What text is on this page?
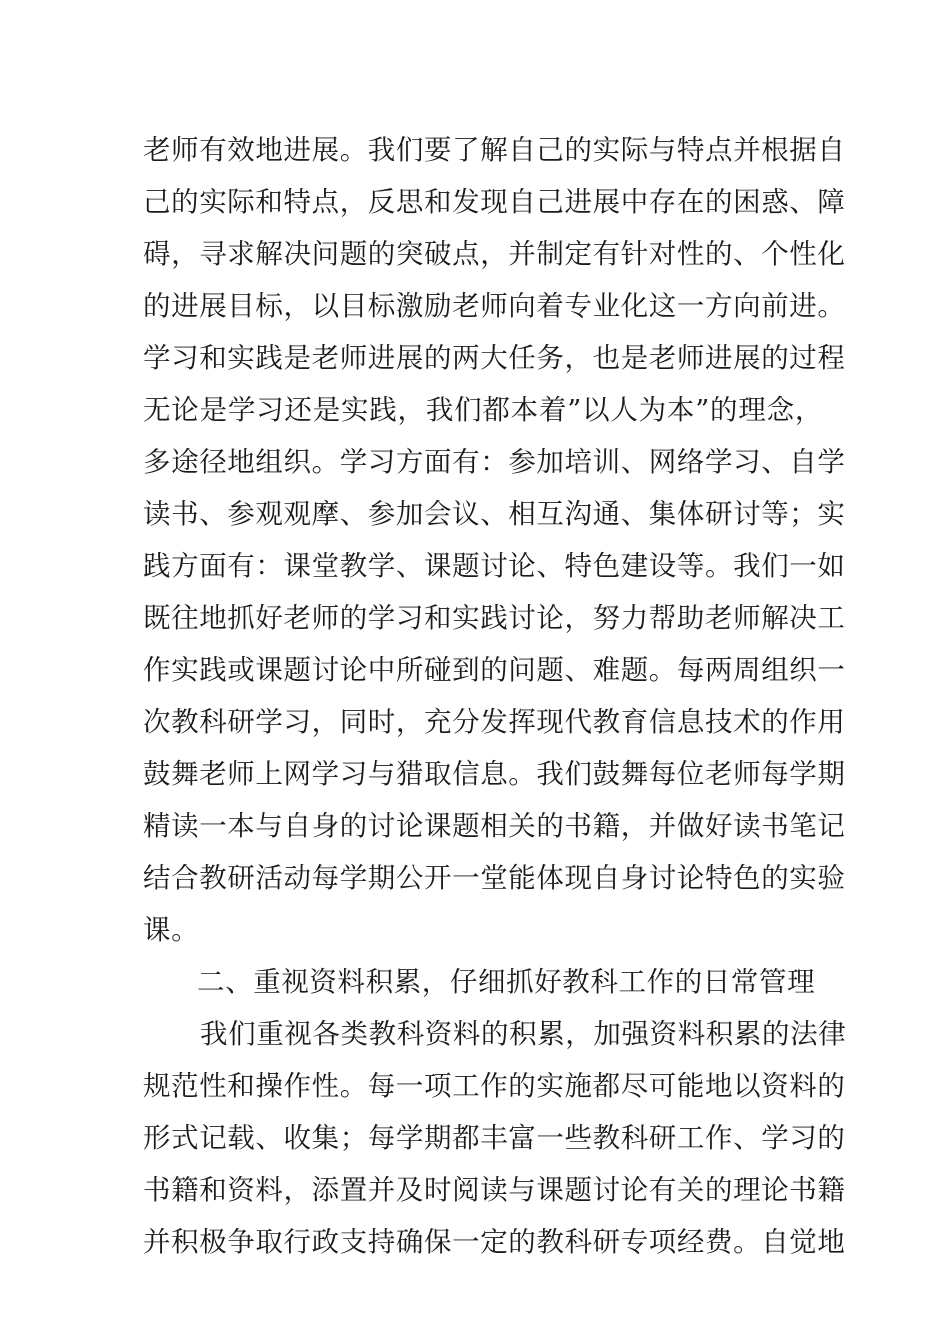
老师有效地进展。我们要了解自己的实际与特点并根据自
己的实际和特点，反思和发现自己进展中存在的困惑、障
碍，寻求解决问题的突破点，并制定有针对性的、个性化
的进展目标，以目标激励老师向着专业化这一方向前进。
学习和实践是老师进展的两大任务，也是老师进展的过程
无论是学习还是实践，我们都本着”以人为本”的理念，
多途径地组织。学习方面有：参加培训、网络学习、自学
读书、参观观摩、参加会议、相互沟通、集体研讨等；实
践方面有：课堂教学、课题讨论、特色建设等。我们一如
既往地抓好老师的学习和实践讨论，努力帮助老师解决工
作实践或课题讨论中所碰到的问题、难题。每两周组织一
次教科研学习，同时，充分发挥现代教育信息技术的作用
鼓舞老师上网学习与猎取信息。我们鼓舞每位老师每学期
精读一本与自身的讨论课题相关的书籍，并做好读书笔记
结合教研活动每学期公开一堂能体现自身讨论特色的实验
课。
二、重视资料积累，仔细抓好教科工作的日常管理
我们重视各类教科资料的积累，加强资料积累的法律
规范性和操作性。每一项工作的实施都尽可能地以资料的
形式记载、收集；每学期都丰富一些教科研工作、学习的
书籍和资料，添置并及时阅读与课题讨论有关的理论书籍
并积极争取行政支持确保一定的教科研专项经费。自觉地
